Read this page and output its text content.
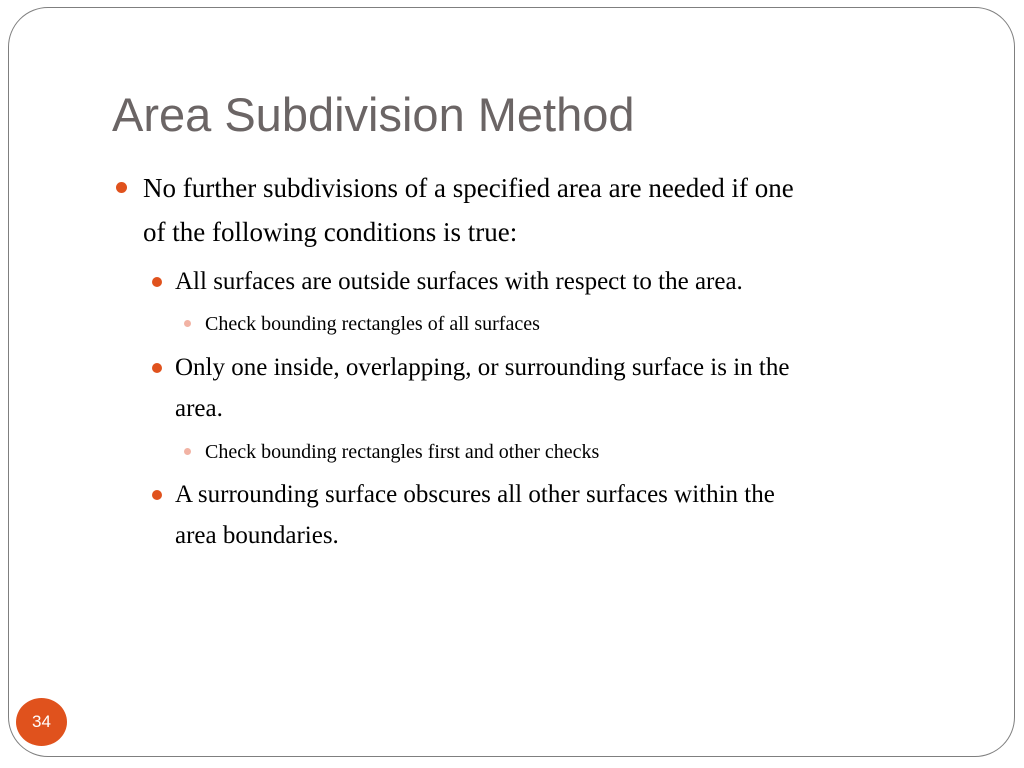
Area Subdivision Method
No further subdivisions of a specified area are needed if one
of the following conditions is true:
All surfaces are outside surfaces with respect to the area.
Check bounding rectangles of all surfaces
Only one inside, overlapping, or surrounding surface is in the
area.
Check bounding rectangles first and other checks
A surrounding surface obscures all other surfaces within the
area boundaries.
34
